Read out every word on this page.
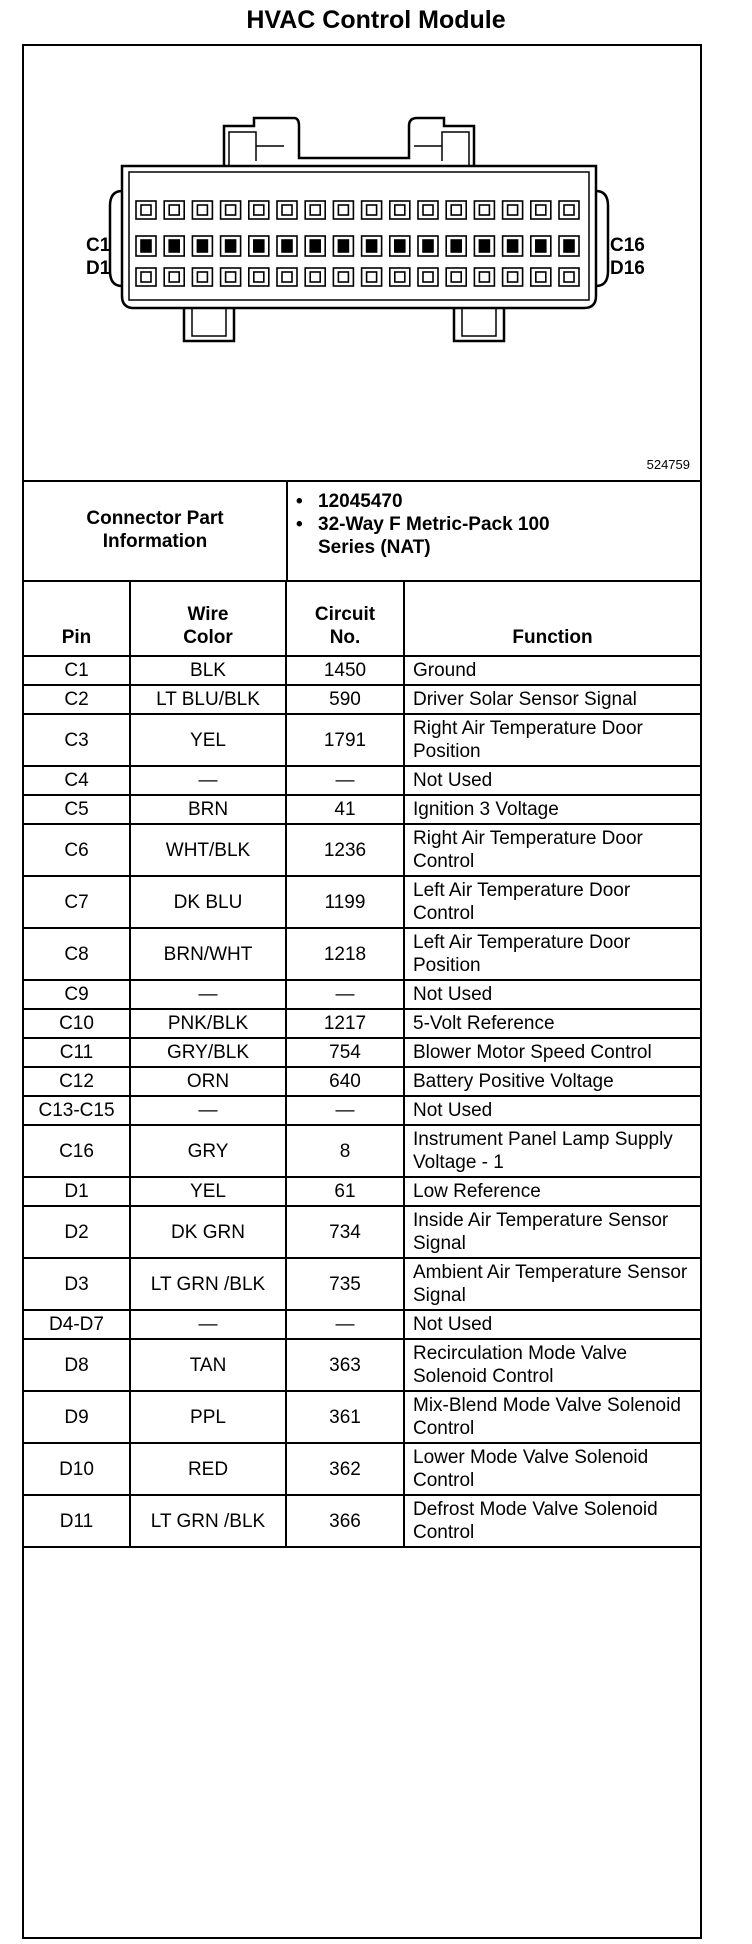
HVAC Control Module
C1
D1
C16
D16
524759
Connector Part Information
• 12045470
• 32-Way F Metric-Pack 100 Series (NAT)
Pin	Wire Color	Circuit No.	Function
C1	BLK	1450	Ground
C2	LT BLU/BLK	590	Driver Solar Sensor Signal
C3	YEL	1791	Right Air Temperature Door Position
C4	—	—	Not Used
C5	BRN	41	Ignition 3 Voltage
C6	WHT/BLK	1236	Right Air Temperature Door Control
C7	DK BLU	1199	Left Air Temperature Door Control
C8	BRN/WHT	1218	Left Air Temperature Door Position
C9	—	—	Not Used
C10	PNK/BLK	1217	5-Volt Reference
C11	GRY/BLK	754	Blower Motor Speed Control
C12	ORN	640	Battery Positive Voltage
C13-C15	—	—	Not Used
C16	GRY	8	Instrument Panel Lamp Supply Voltage - 1
D1	YEL	61	Low Reference
D2	DK GRN	734	Inside Air Temperature Sensor Signal
D3	LT GRN /BLK	735	Ambient Air Temperature Sensor Signal
D4-D7	—	—	Not Used
D8	TAN	363	Recirculation Mode Valve Solenoid Control
D9	PPL	361	Mix-Blend Mode Valve Solenoid Control
D10	RED	362	Lower Mode Valve Solenoid Control
D11	LT GRN /BLK	366	Defrost Mode Valve Solenoid Control
